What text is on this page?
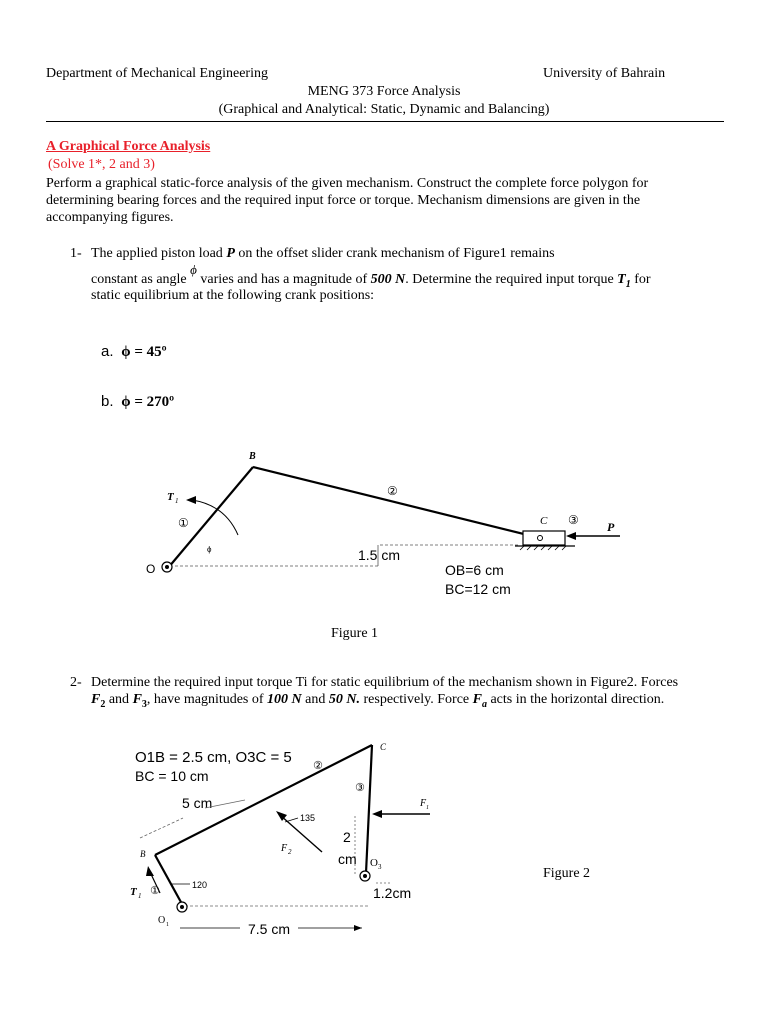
Department of Mechanical Engineering	University of Bahrain
MENG 373 Force Analysis
(Graphical and Analytical: Static, Dynamic and Balancing)
A Graphical Force Analysis
(Solve 1*, 2 and 3)
Perform a graphical static-force analysis of the given mechanism. Construct the complete force polygon for
determining bearing forces and the required input force or torque. Mechanism dimensions are given in the
accompanying figures.
1- The applied piston load P on the offset slider crank mechanism of Figure1 remains
constant as angle ϕ varies and has a magnitude of 500 N. Determine the required input torque $T_1$ for
static equilibrium at the following crank positions:
a. ϕ = 45º
b. ϕ = 270º
B
C	P
T 1
O
①
②
③
ϕ	1.5 cm
OB=6 cm
BC=12 cm
Figure 1
2- Determine the required input torque Ti for static equilibrium of the mechanism shown in Figure2. Forces
$F_2$ and $F_3$, have magnitudes of 100 N and 50 N. respectively. Force $F_a$ acts in the horizontal direction.
O1B = 2.5 cm, O3C = 5
BC = 10 cm
5 cm
C
②
③
F 1
135
F 2
2
cm O 3
1.2cm
B
T 1 ①	120
O 1	7.5 cm
Figure 2
